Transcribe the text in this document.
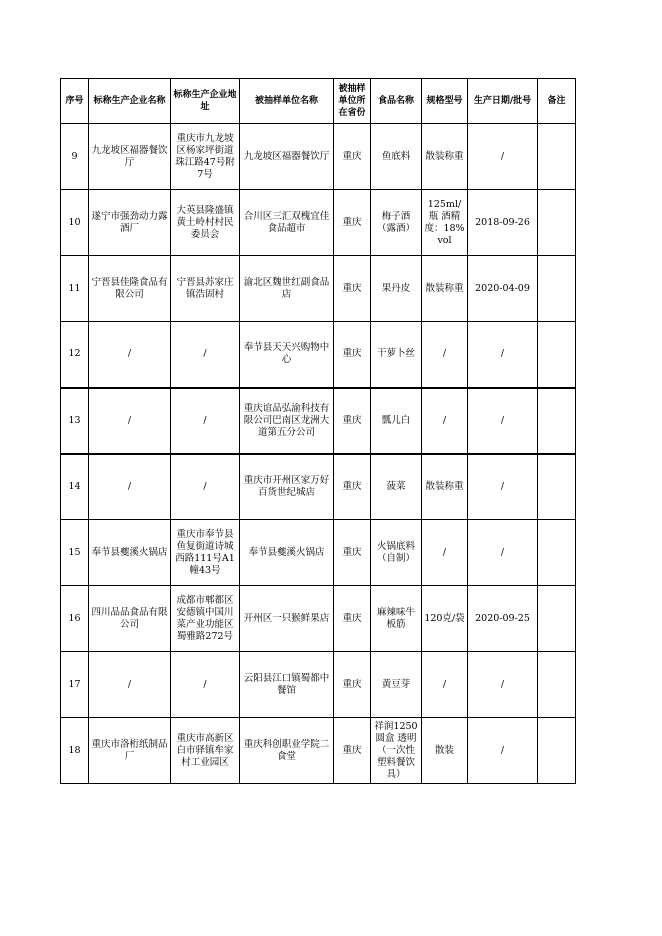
序号	标称生产企业名称	标称生产企业地址	被抽样单位名称	被抽样单位所在省份	食品名称	规格型号	生产日期/批号	备注
9	九龙坡区福器餐饮厅	重庆市九龙坡区杨家坪街道珠江路47号附7号	九龙坡区福器餐饮厅	重庆	鱼底料	散装称重	/	
10	遂宁市强劲动力露酒厂	大英县隆盛镇黄土岭村村民委员会	合川区三汇双槐宜佳食品超市	重庆	梅子酒（露酒）	125ml/瓶 酒精度：18%vol	2018-09-26	
11	宁晋县佳隆食品有限公司	宁晋县苏家庄镇浩固村	渝北区魏世红副食品店	重庆	果丹皮	散装称重	2020-04-09	
12	/	/	奉节县天天兴购物中心	重庆	干萝卜丝	/	/	
13	/	/	重庆谊品弘渝科技有限公司巴南区龙洲大道第五分公司	重庆	瓢儿白	/	/	
14	/	/	重庆市开州区家万好百货世纪城店	重庆	菠菜	散装称重	/	
15	奉节县夔溪火锅店	重庆市奉节县鱼复街道诗城西路111号A1幢43号	奉节县夔溪火锅店	重庆	火锅底料（自制）	/	/	
16	四川品品食品有限公司	成都市郫都区安德镇中国川菜产业功能区蜀雅路272号	开州区一只猴鲜果店	重庆	麻辣味牛板筋	120克/袋	2020-09-25	
17	/	/	云阳县江口镇蜀都中餐馆	重庆	黄豆芽	/	/	
18	重庆市洛桁纸制品厂	重庆市高新区白市驿镇牟家村工业园区	重庆科创职业学院二食堂	重庆	祥润1250圆盒 透明（一次性塑料餐饮具）	散装	/	
